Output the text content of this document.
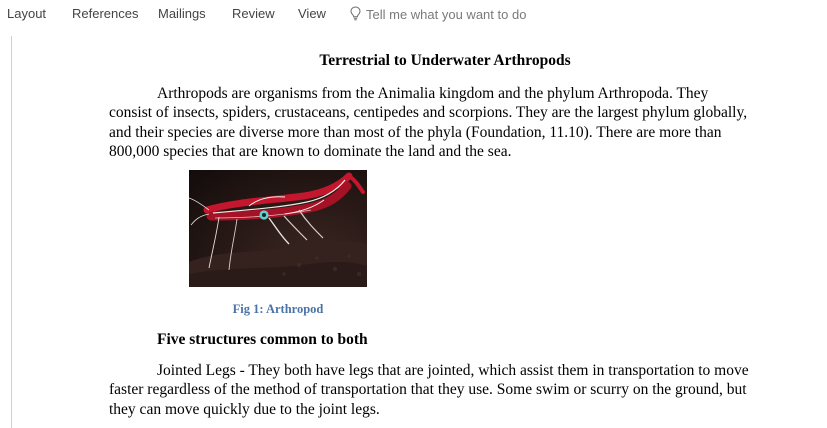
Layout References Mailings Review View	Tell me what you want to do
Terrestrial to Underwater Arthropods

Arthropods are organisms from the Animalia kingdom and the phylum Arthropoda. They consist of insects, spiders, crustaceans, centipedes and scorpions. They are the largest phylum globally, and their species are diverse more than most of the phyla (Foundation, 11.10). There are more than 800,000 species that are known to dominate the land and the sea.

Fig 1: Arthropod
Five structures common to both

Jointed Legs - They both have legs that are jointed, which assist them in transportation to move faster regardless of the method of transportation that they use. Some swim or scurry on the ground, but they can move quickly due to the joint legs.
